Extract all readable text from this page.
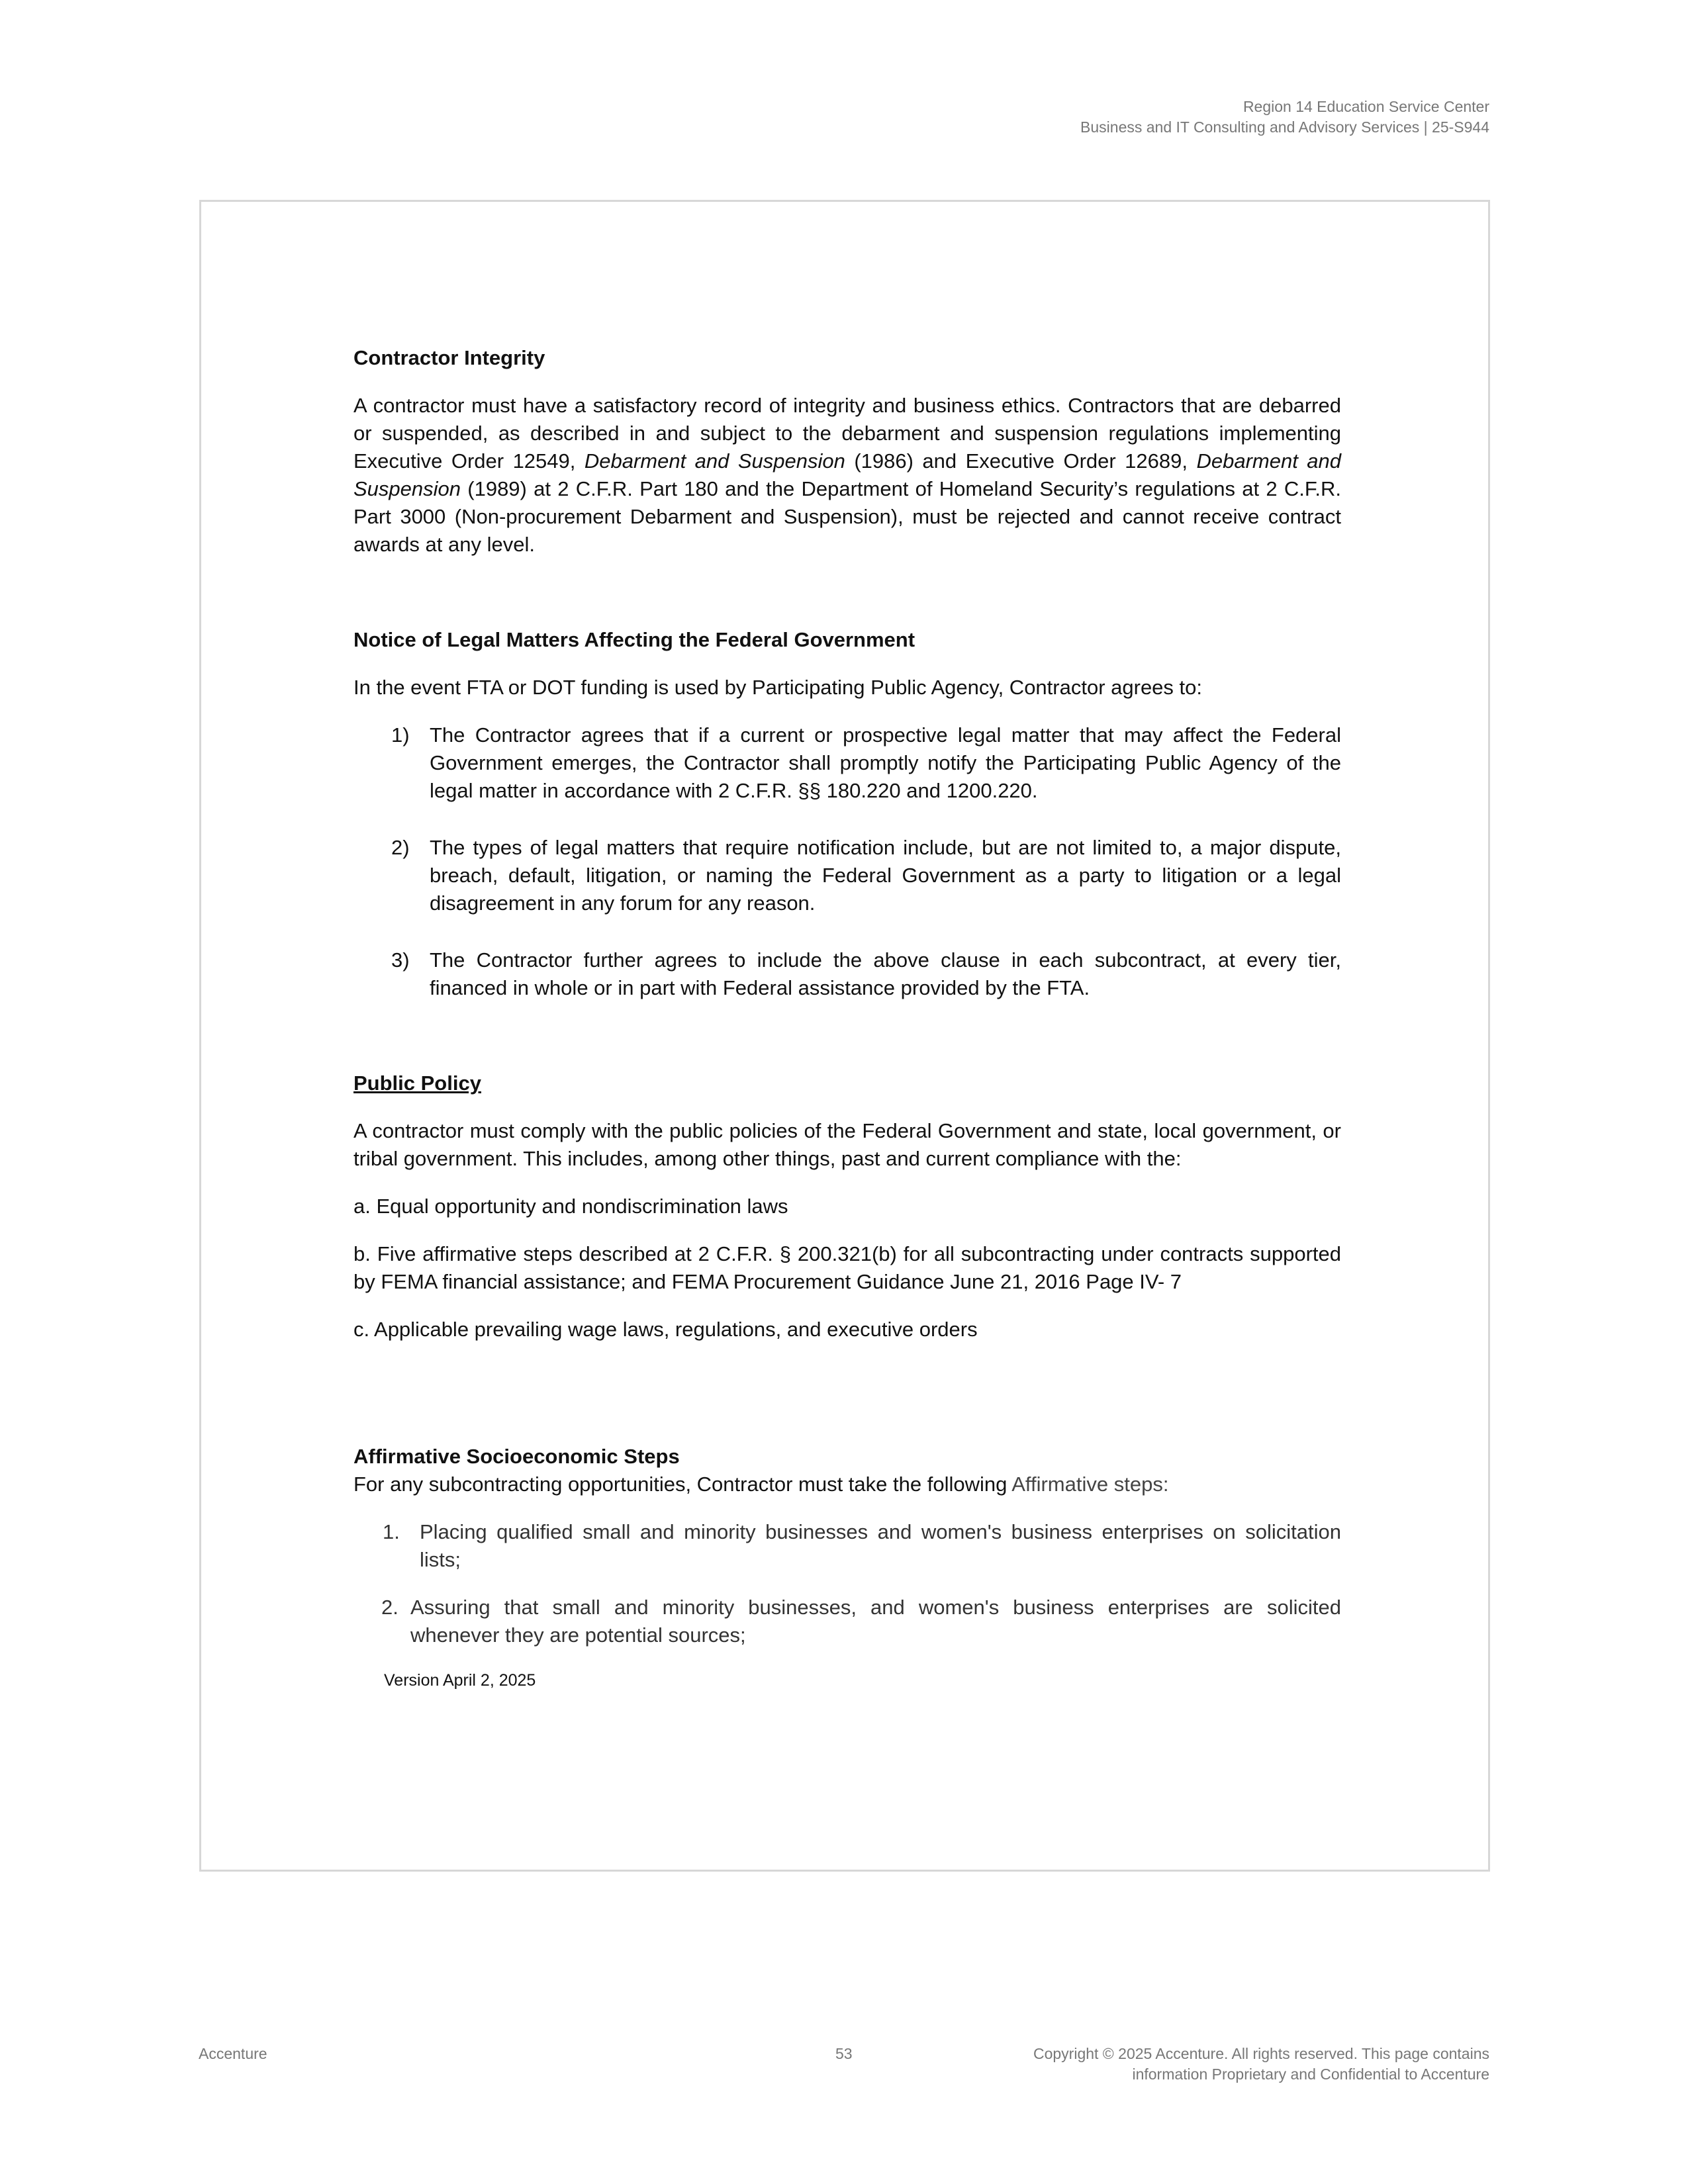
Region 14 Education Service Center
Business and IT Consulting and Advisory Services | 25-S944
Contractor Integrity

A contractor must have a satisfactory record of integrity and business ethics. Contractors that are debarred or suspended, as described in and subject to the debarment and suspension regulations implementing Executive Order 12549, Debarment and Suspension (1986) and Executive Order 12689, Debarment and Suspension (1989) at 2 C.F.R. Part 180 and the Department of Homeland Security’s regulations at 2 C.F.R. Part 3000 (Non-procurement Debarment and Suspension), must be rejected and cannot receive contract awards at any level.

Notice of Legal Matters Affecting the Federal Government

In the event FTA or DOT funding is used by Participating Public Agency, Contractor agrees to:

1) The Contractor agrees that if a current or prospective legal matter that may affect the Federal Government emerges, the Contractor shall promptly notify the Participating Public Agency of the legal matter in accordance with 2 C.F.R. §§ 180.220 and 1200.220.
2) The types of legal matters that require notification include, but are not limited to, a major dispute, breach, default, litigation, or naming the Federal Government as a party to litigation or a legal disagreement in any forum for any reason.
3) The Contractor further agrees to include the above clause in each subcontract, at every tier, financed in whole or in part with Federal assistance provided by the FTA.
Public Policy

A contractor must comply with the public policies of the Federal Government and state, local government, or tribal government. This includes, among other things, past and current compliance with the:

a. Equal opportunity and nondiscrimination laws

b. Five affirmative steps described at 2 C.F.R. § 200.321(b) for all subcontracting under contracts supported by FEMA financial assistance; and FEMA Procurement Guidance June 21, 2016 Page IV- 7

c. Applicable prevailing wage laws, regulations, and executive orders

Affirmative Socioeconomic Steps

For any subcontracting opportunities, Contractor must take the following Affirmative steps:

1. Placing qualified small and minority businesses and women's business enterprises on solicitation lists;
2. Assuring that small and minority businesses, and women's business enterprises are solicited whenever they are potential sources;
Version April 2, 2025
Accenture	53	Copyright © 2025 Accenture. All rights reserved. This page contains
information Proprietary and Confidential to Accenture
